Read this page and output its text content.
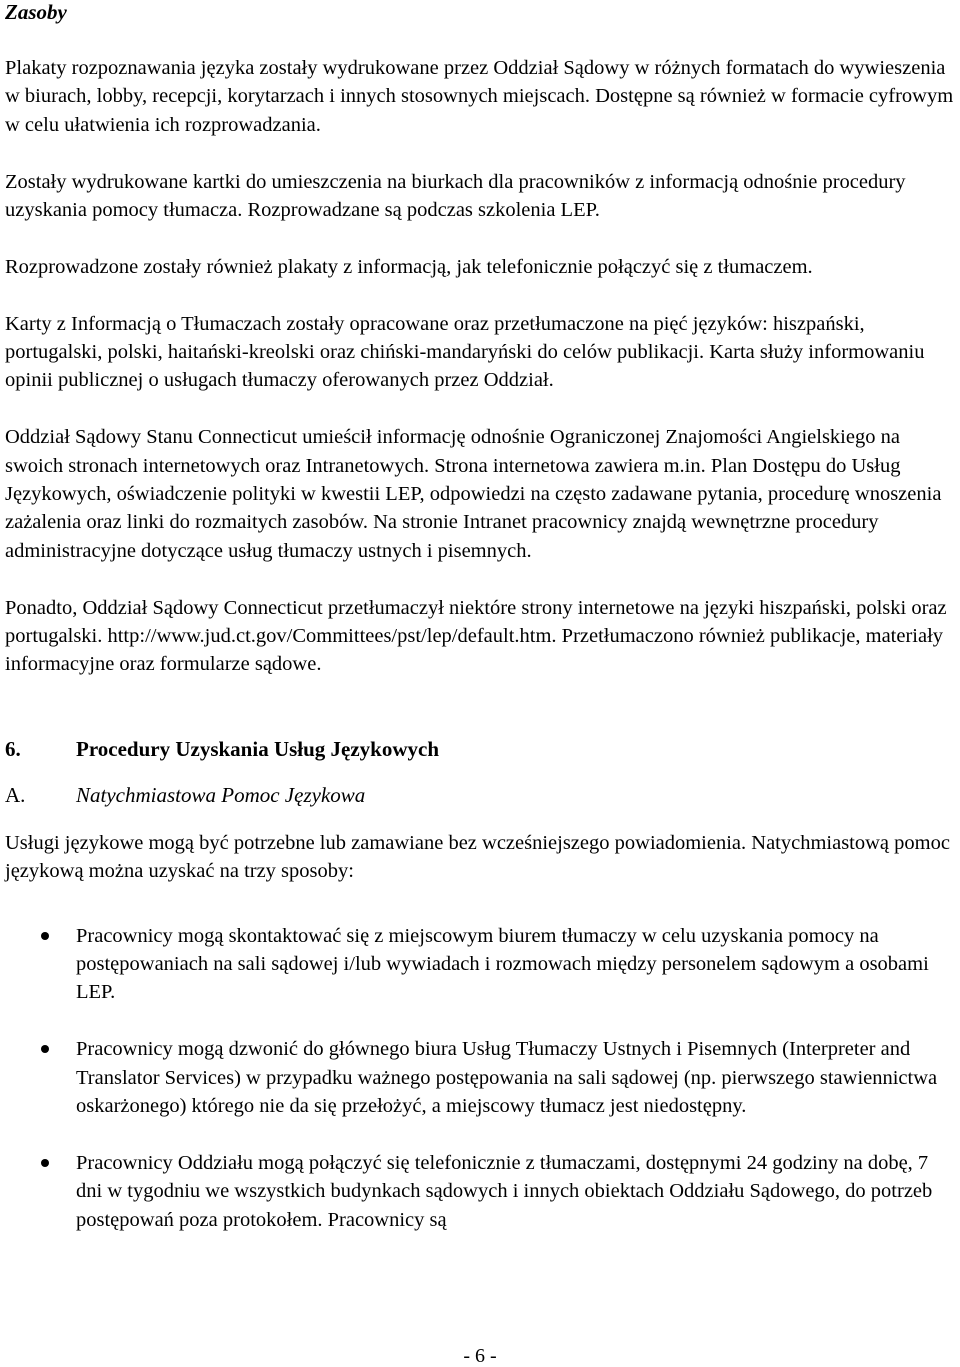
Zasoby

Plakaty rozpoznawania języka zostały wydrukowane przez Oddział Sądowy w różnych formatach do wywieszenia w biurach, lobby, recepcji, korytarzach i innych stosownych miejscach. Dostępne są również w formacie cyfrowym w celu ułatwienia ich rozprowadzania.

Zostały wydrukowane kartki do umieszczenia na biurkach dla pracowników z informacją odnośnie procedury uzyskania pomocy tłumacza. Rozprowadzane są podczas szkolenia LEP.

Rozprowadzone zostały również plakaty z informacją, jak telefonicznie połączyć się z tłumaczem.

Karty z Informacją o Tłumaczach zostały opracowane oraz przetłumaczone na pięć języków: hiszpański, portugalski, polski, haitański-kreolski oraz chiński-mandaryński do celów publikacji. Karta służy informowaniu opinii publicznej o usługach tłumaczy oferowanych przez Oddział.

Oddział Sądowy Stanu Connecticut umieścił informację odnośnie Ograniczonej Znajomości Angielskiego na swoich stronach internetowych oraz Intranetowych. Strona internetowa zawiera m.in. Plan Dostępu do Usług Językowych, oświadczenie polityki w kwestii LEP, odpowiedzi na często zadawane pytania, procedurę wnoszenia zażalenia oraz linki do rozmaitych zasobów. Na stronie Intranet pracownicy znajdą wewnętrzne procedury administracyjne dotyczące usług tłumaczy ustnych i pisemnych.

Ponadto, Oddział Sądowy Connecticut przetłumaczył niektóre strony internetowe na języki hiszpański, polski oraz portugalski. http://www.jud.ct.gov/Committees/pst/lep/default.htm. Przetłumaczono również publikacje, materiały informacyjne oraz formularze sądowe.

6.	Procedury Uzyskania Usług Językowych
A.	Natychmiastowa Pomoc Językowa

Usługi językowe mogą być potrzebne lub zamawiane bez wcześniejszego powiadomienia. Natychmiastową pomoc językową można uzyskać na trzy sposoby:

Pracownicy mogą skontaktować się z miejscowym biurem tłumaczy w celu uzyskania pomocy na postępowaniach na sali sądowej i/lub wywiadach i rozmowach między personelem sądowym a osobami LEP.
Pracownicy mogą dzwonić do głównego biura Usług Tłumaczy Ustnych i Pisemnych (Interpreter and Translator Services) w przypadku ważnego postępowania na sali sądowej (np. pierwszego stawiennictwa oskarżonego) którego nie da się przełożyć, a miejscowy tłumacz jest niedostępny.
Pracownicy Oddziału mogą połączyć się telefonicznie z tłumaczami, dostępnymi 24 godziny na dobę, 7 dni w tygodniu we wszystkich budynkach sądowych i innych obiektach Oddziału Sądowego, do potrzeb postępowań poza protokołem. Pracownicy są
- 6 -
